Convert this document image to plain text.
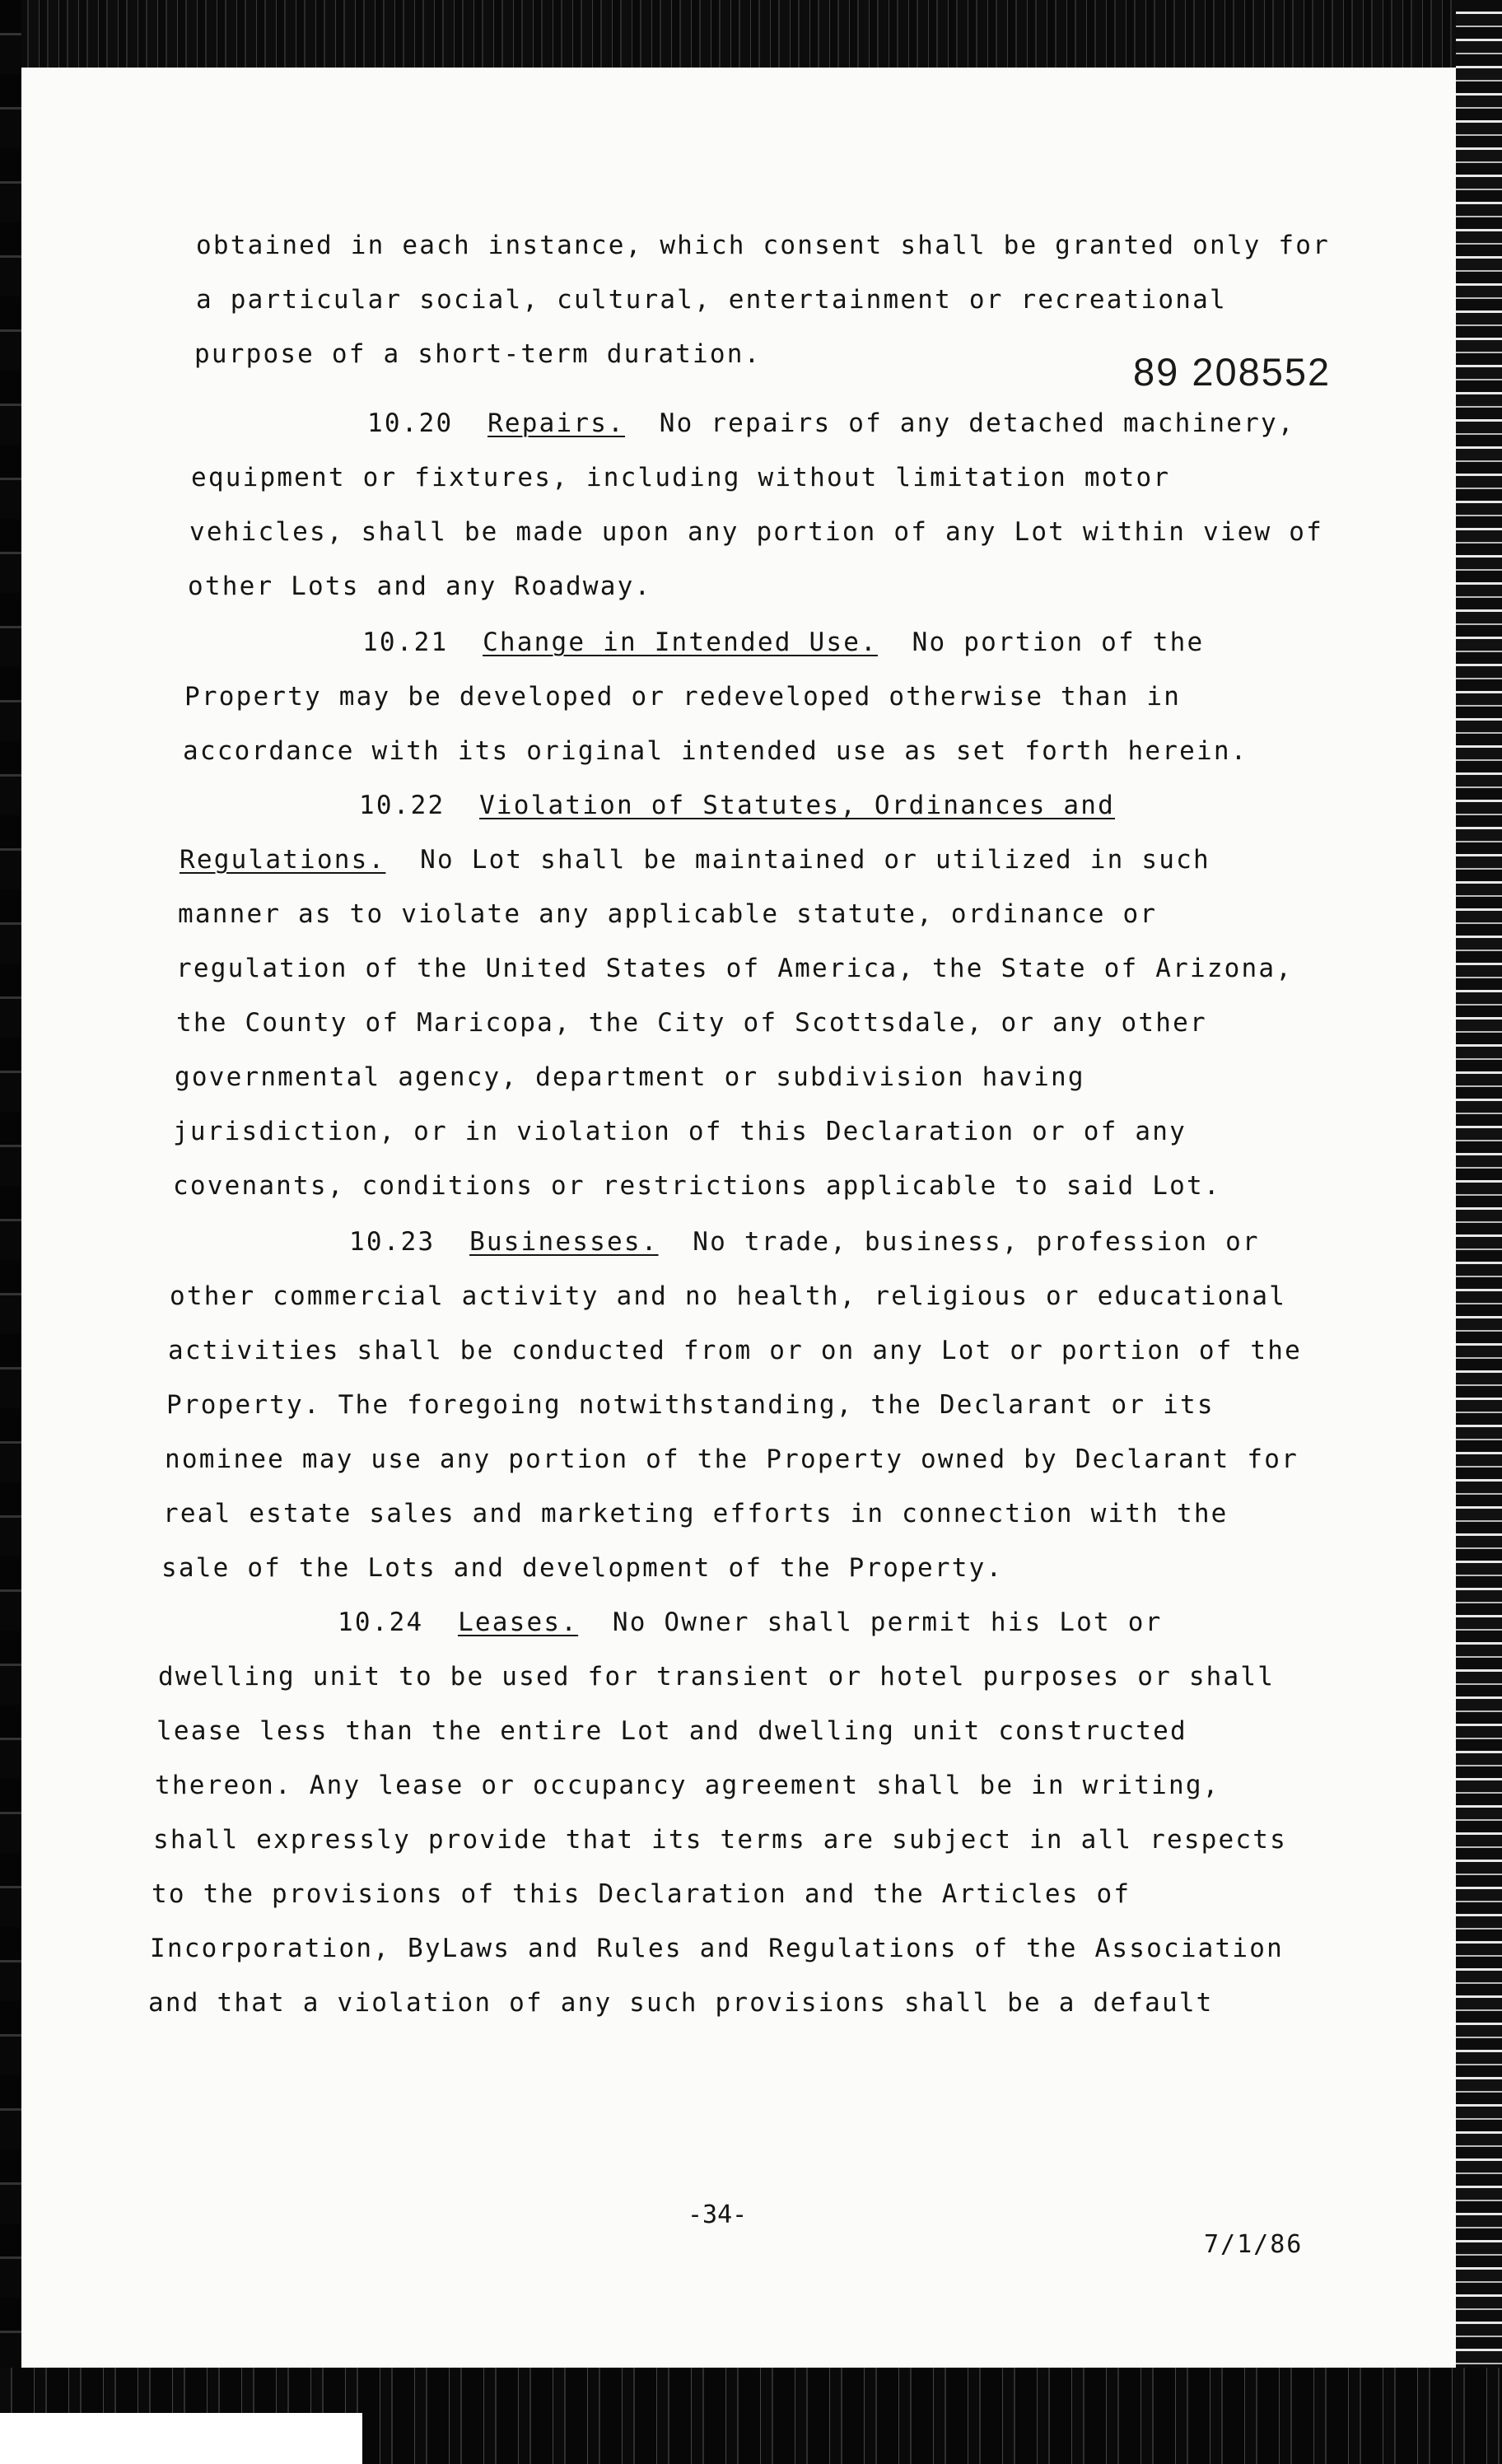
89 208552
obtained in each instance, which consent shall be granted only for
a particular social, cultural, entertainment or recreational
purpose of a short-term duration.
10.20 Repairs. No repairs of any detached machinery,
equipment or fixtures, including without limitation motor
vehicles, shall be made upon any portion of any Lot within view of
other Lots and any Roadway.
10.21 Change in Intended Use. No portion of the
Property may be developed or redeveloped otherwise than in
accordance with its original intended use as set forth herein.
10.22 Violation of Statutes, Ordinances and
Regulations. No Lot shall be maintained or utilized in such
manner as to violate any applicable statute, ordinance or
regulation of the United States of America, the State of Arizona,
the County of Maricopa, the City of Scottsdale, or any other
governmental agency, department or subdivision having
jurisdiction, or in violation of this Declaration or of any
covenants, conditions or restrictions applicable to said Lot.
10.23 Businesses. No trade, business, profession or
other commercial activity and no health, religious or educational
activities shall be conducted from or on any Lot or portion of the
Property. The foregoing notwithstanding, the Declarant or its
nominee may use any portion of the Property owned by Declarant for
real estate sales and marketing efforts in connection with the
sale of the Lots and development of the Property.
10.24 Leases. No Owner shall permit his Lot or
dwelling unit to be used for transient or hotel purposes or shall
lease less than the entire Lot and dwelling unit constructed
thereon. Any lease or occupancy agreement shall be in writing,
shall expressly provide that its terms are subject in all respects
to the provisions of this Declaration and the Articles of
Incorporation, ByLaws and Rules and Regulations of the Association
and that a violation of any such provisions shall be a default
-34-
7/1/86
